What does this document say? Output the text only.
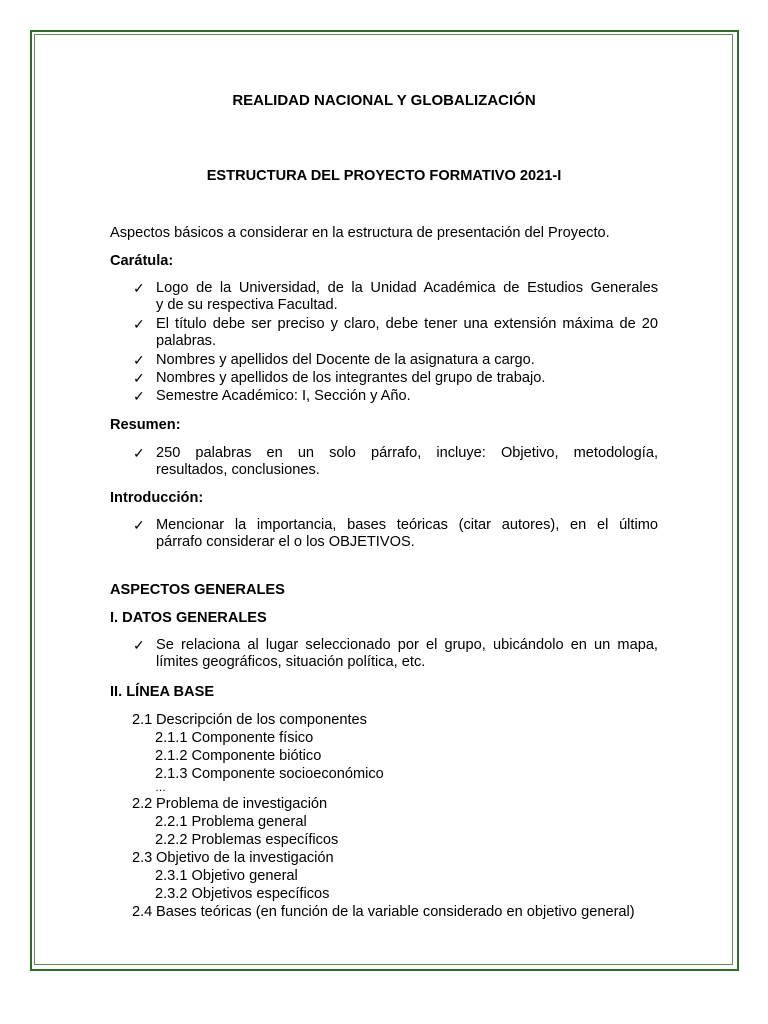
REALIDAD NACIONAL Y GLOBALIZACIÓN
ESTRUCTURA DEL PROYECTO FORMATIVO 2021-I
Aspectos básicos a considerar en la estructura de presentación del Proyecto.
Carátula:
✓ Logo de la Universidad, de la Unidad Académica de Estudios Generales
y de su respectiva Facultad.
✓ El título debe ser preciso y claro, debe tener una extensión máxima de 20
palabras.
✓ Nombres y apellidos del Docente de la asignatura a cargo.
✓ Nombres y apellidos de los integrantes del grupo de trabajo.
✓ Semestre Académico: I, Sección y Año.
Resumen:
✓ 250 palabras en un solo párrafo, incluye: Objetivo, metodología,
resultados, conclusiones.
Introducción:
✓ Mencionar la importancia, bases teóricas (citar autores), en el último
párrafo considerar el o los OBJETIVOS.
ASPECTOS GENERALES
I. DATOS GENERALES
✓ Se relaciona al lugar seleccionado por el grupo, ubicándolo en un mapa,
límites geográficos, situación política, etc.
II. LÍNEA BASE
2.1 Descripción de los componentes
2.1.1 Componente físico
2.1.2 Componente biótico
2.1.3 Componente socioeconómico
…
2.2 Problema de investigación
2.2.1 Problema general
2.2.2 Problemas específicos
2.3 Objetivo de la investigación
2.3.1 Objetivo general
2.3.2 Objetivos específicos
2.4 Bases teóricas (en función de la variable considerado en objetivo general)
